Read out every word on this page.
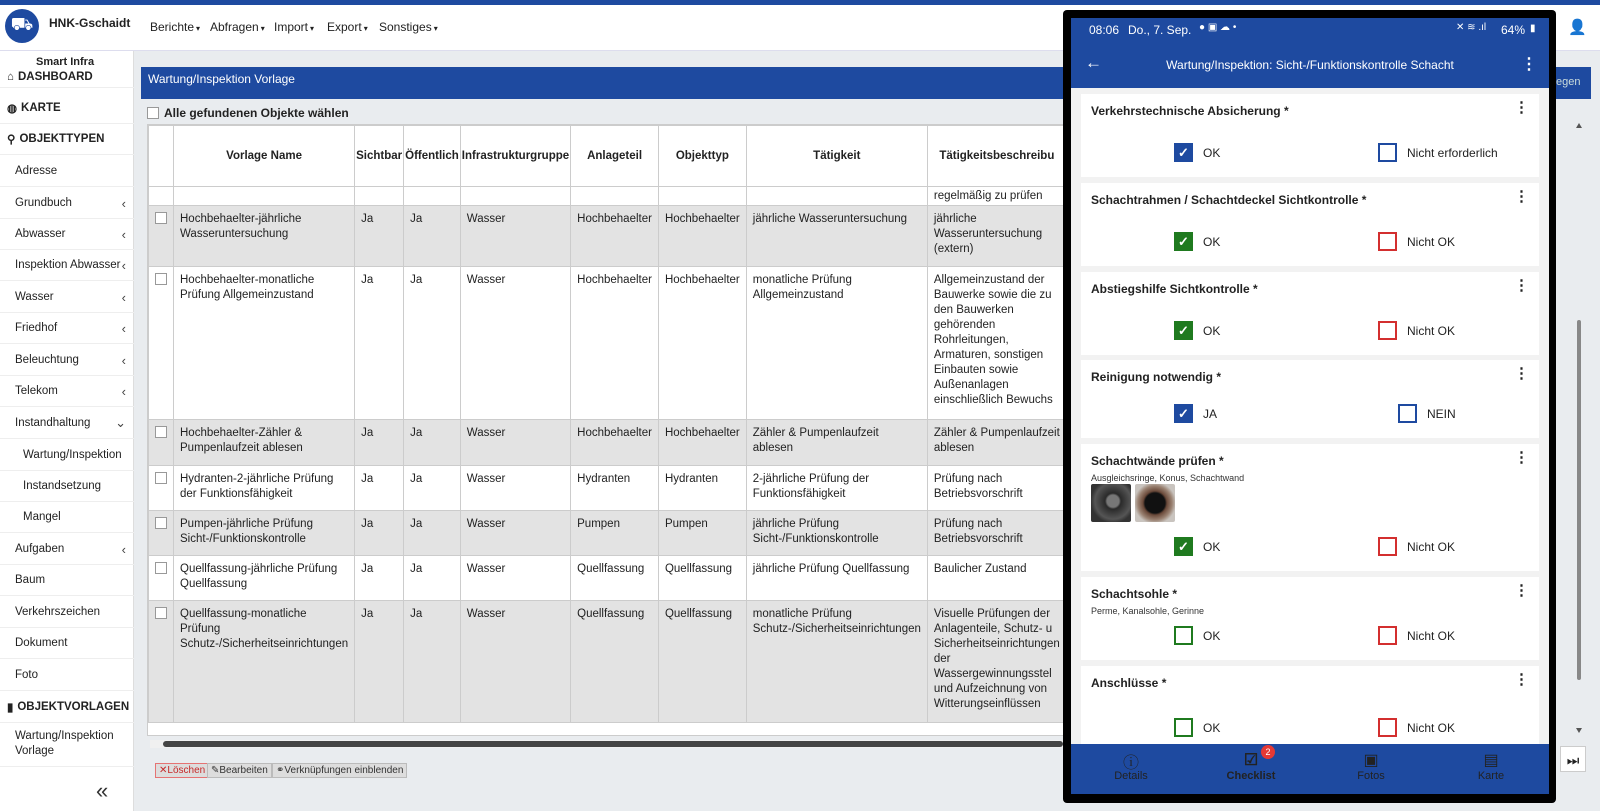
⛟	HNK-Gschaidt Berichte ▾ Abfragen ▾ Import ▾ Export ▾ Sonstiges ▾	👤
⌂ DASHBOARD
◍ KARTE
⚲ OBJEKTTYPEN
Adresse
Grundbuch	‹
Abwasser	‹
Inspektion Abwasser ‹
Wasser	‹
Friedhof	‹
Beleuchtung	‹
Telekom	‹
Instandhaltung ⌄
Wartung/Inspektion
Instandsetzung
Mangel
Aufgaben	‹
Baum
Verkehrszeichen
Dokument
Foto
▮ OBJEKTVORLAGEN
Wartung/Inspektion Vorlage
Smart Infra
«
Wartung/Inspektion Vorlage	egen
Alle gefundenen Objekte wählen
	Vorlage Name	Sichtbar	Öffentlich	Infrastrukturgruppe	Anlageteil	Objekttyp	Tätigkeit	Tätigkeitsbeschreibu
								regelmäßig zu prüfen
	Hochbehaelter-jährliche Wasseruntersuchung	Ja	Ja	Wasser	Hochbehaelter	Hochbehaelter	jährliche Wasseruntersuchung	jährliche Wasseruntersuchung (extern)
	Hochbehaelter-monatliche Prüfung Allgemeinzustand	Ja	Ja	Wasser	Hochbehaelter	Hochbehaelter	monatliche Prüfung Allgemeinzustand	Allgemeinzustand der Bauwerke sowie die zu den Bauwerken gehörenden Rohrleitungen, Armaturen, sonstigen Einbauten sowie Außenanlagen einschließlich Bewuchs
	Hochbehaelter-Zähler & Pumpenlaufzeit ablesen	Ja	Ja	Wasser	Hochbehaelter	Hochbehaelter	Zähler & Pumpenlaufzeit ablesen	Zähler & Pumpenlaufzeit ablesen
	Hydranten-2-jährliche Prüfung der Funktionsfähigkeit	Ja	Ja	Wasser	Hydranten	Hydranten	2-jährliche Prüfung der Funktionsfähigkeit	Prüfung nach Betriebsvorschrift
	Pumpen-jährliche Prüfung Sicht-/Funktionskontrolle	Ja	Ja	Wasser	Pumpen	Pumpen	jährliche Prüfung Sicht-/Funktionskontrolle	Prüfung nach Betriebsvorschrift
	Quellfassung-jährliche Prüfung Quellfassung	Ja	Ja	Wasser	Quellfassung	Quellfassung	jährliche Prüfung Quellfassung	Baulicher Zustand
	Quellfassung-monatliche Prüfung Schutz-/Sicherheitseinrichtungen	Ja	Ja	Wasser	Quellfassung	Quellfassung	monatliche Prüfung Schutz-/Sicherheitseinrichtungen	Visuelle Prüfungen der Anlagenteile, Schutz- u Sicherheitseinrichtungen der Wassergewinnungsstel und Aufzeichnung von Witterungseinflüssen
✕Löschen ✎Bearbeiten ⚭Verknüpfungen einblenden
08:06 Do., 7. Sep. ● ▣ ☁ •	✕ ≋ .ıl 64% ▮
←	Wartung/Inspektion: Sicht-/Funktionskontrolle Schacht	⋮
Verkehrstechnische Absicherung *	⋮
✓	OK	Nicht erforderlich
Schachtrahmen / Schachtdeckel Sichtkontrolle *	⋮
✓	OK	Nicht OK
Abstiegshilfe Sichtkontrolle *	⋮
✓	OK	Nicht OK
Reinigung notwendig *	⋮
✓	JA	NEIN
Schachtwände prüfen *	⋮
Ausgleichsringe, Konus, Schachtwand
✓	OK	Nicht OK
Schachtsohle *	⋮
Perme, Kanalsohle, Gerinne
OK	Nicht OK
Anschlüsse *	⋮
OK	Nicht OK
ⓘ
Details
☑
Checklist
▣
Fotos
▤
Karte
2	⏭
